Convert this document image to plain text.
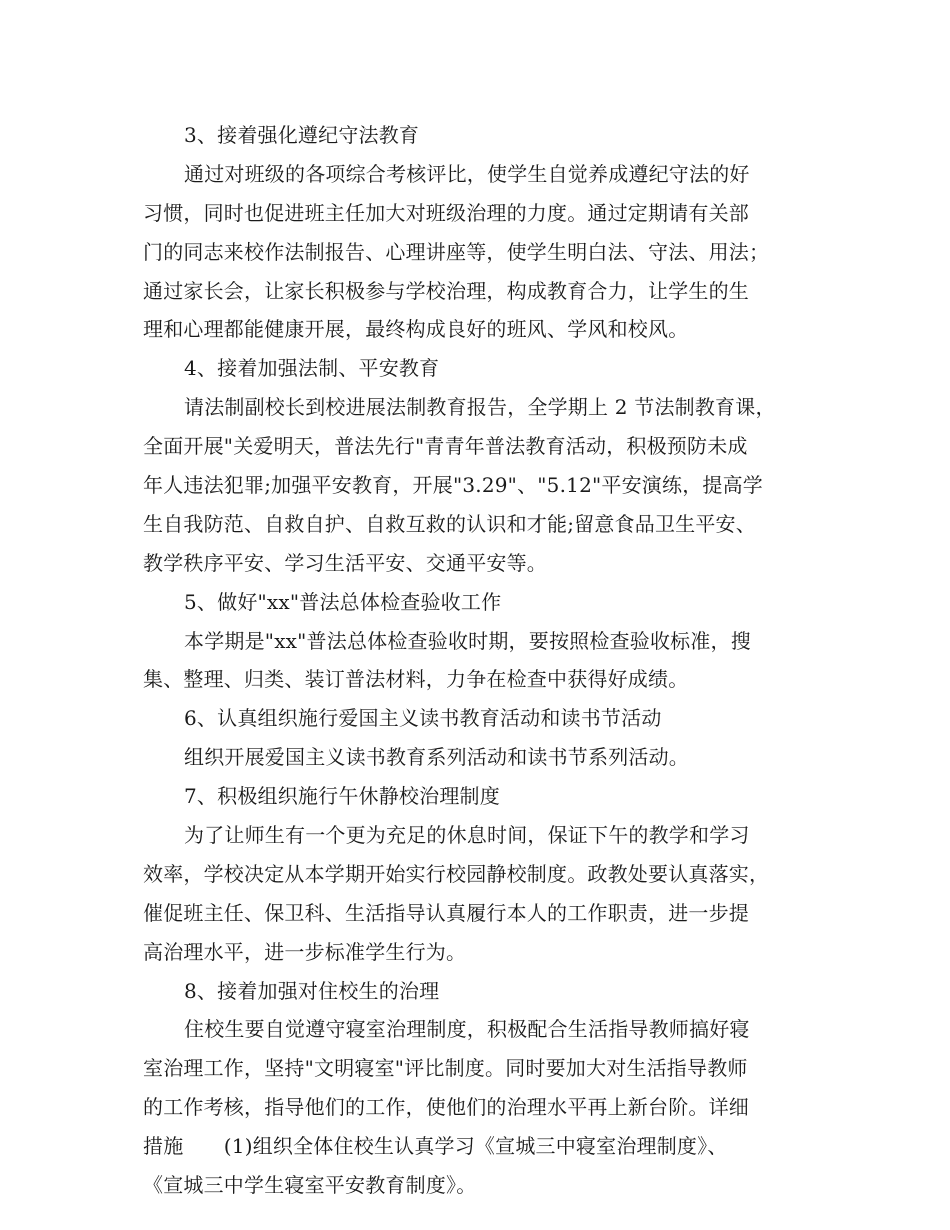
3、接着强化遵纪守法教育
通过对班级的各项综合考核评比，使学生自觉养成遵纪守法的好
习惯，同时也促进班主任加大对班级治理的力度。通过定期请有关部
门的同志来校作法制报告、心理讲座等，使学生明白法、守法、用法；
通过家长会，让家长积极参与学校治理，构成教育合力，让学生的生
理和心理都能健康开展，最终构成良好的班风、学风和校风。
4、接着加强法制、平安教育
请法制副校长到校进展法制教育报告，全学期上 2 节法制教育课，
全面开展"关爱明天，普法先行"青青年普法教育活动，积极预防未成
年人违法犯罪;加强平安教育，开展"3.29"、"5.12"平安演练，提高学
生自我防范、自救自护、自救互救的认识和才能;留意食品卫生平安、
教学秩序平安、学习生活平安、交通平安等。
5、做好"xx"普法总体检查验收工作
本学期是"xx"普法总体检查验收时期，要按照检查验收标准，搜
集、整理、归类、装订普法材料，力争在检查中获得好成绩。
6、认真组织施行爱国主义读书教育活动和读书节活动
组织开展爱国主义读书教育系列活动和读书节系列活动。
7、积极组织施行午休静校治理制度
为了让师生有一个更为充足的休息时间，保证下午的教学和学习
效率，学校决定从本学期开始实行校园静校制度。政教处要认真落实，
催促班主任、保卫科、生活指导认真履行本人的工作职责，进一步提
高治理水平，进一步标准学生行为。
8、接着加强对住校生的治理
住校生要自觉遵守寝室治理制度，积极配合生活指导教师搞好寝
室治理工作，坚持"文明寝室"评比制度。同时要加大对生活指导教师
的工作考核，指导他们的工作，使他们的治理水平再上新台阶。详细
措施　　(1)组织全体住校生认真学习《宣城三中寝室治理制度》、
《宣城三中学生寝室平安教育制度》。
